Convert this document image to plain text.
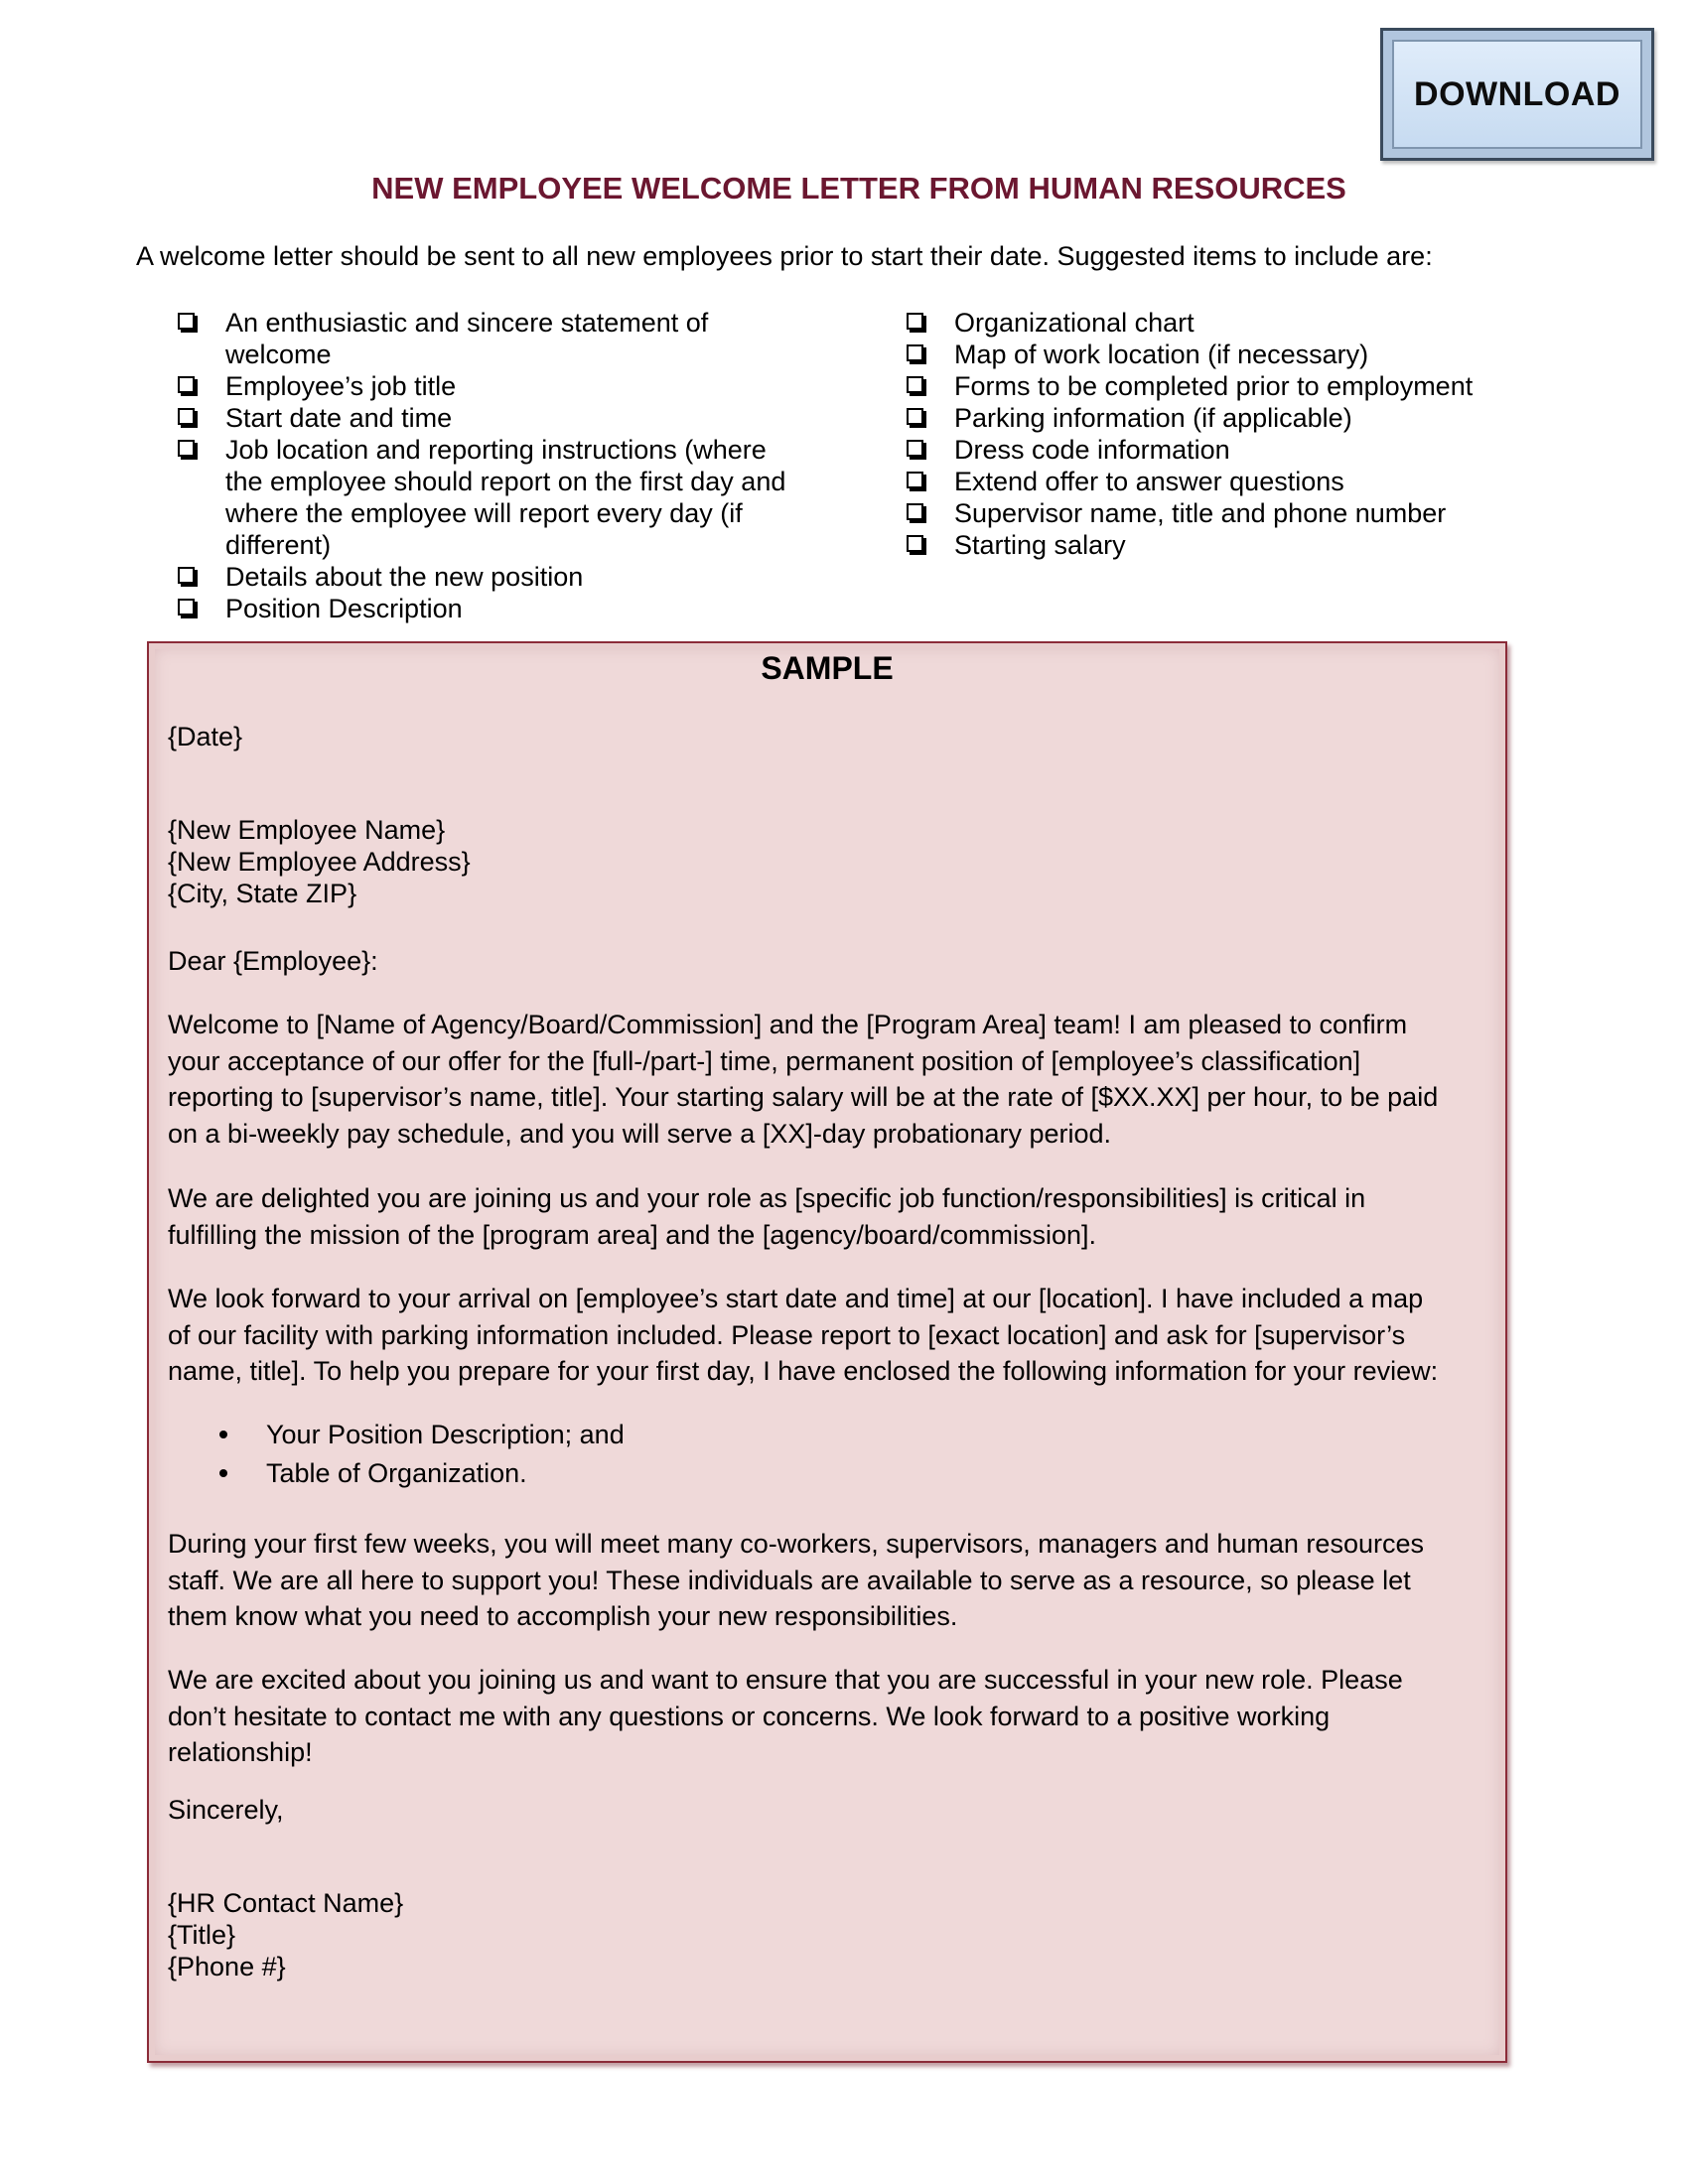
DOWNLOAD
NEW EMPLOYEE WELCOME LETTER FROM HUMAN RESOURCES

A welcome letter should be sent to all new employees prior to start their date. Suggested items to include are:

An enthusiastic and sincere statement of
welcome
Employee’s job title
Start date and time
Job location and reporting instructions (where
the employee should report on the first day and
where the employee will report every day (if
different)
Details about the new position
Position Description
Organizational chart
Map of work location (if necessary)
Forms to be completed prior to employment
Parking information (if applicable)
Dress code information
Extend offer to answer questions
Supervisor name, title and phone number
Starting salary
SAMPLE

{Date}

{New Employee Name}
{New Employee Address}
{City, State ZIP}

Dear {Employee}:

Welcome to [Name of Agency/Board/Commission] and the [Program Area] team! I am pleased to confirm
your acceptance of our offer for the [full-/part-] time, permanent position of [employee’s classification]
reporting to [supervisor’s name, title]. Your starting salary will be at the rate of [$XX.XX] per hour, to be paid
on a bi-weekly pay schedule, and you will serve a [XX]-day probationary period.

We are delighted you are joining us and your role as [specific job function/responsibilities] is critical in
fulfilling the mission of the [program area] and the [agency/board/commission].

We look forward to your arrival on [employee’s start date and time] at our [location]. I have included a map
of our facility with parking information included. Please report to [exact location] and ask for [supervisor’s
name, title]. To help you prepare for your first day, I have enclosed the following information for your review:

Your Position Description; and
Table of Organization.

During your first few weeks, you will meet many co-workers, supervisors, managers and human resources
staff. We are all here to support you! These individuals are available to serve as a resource, so please let
them know what you need to accomplish your new responsibilities.

We are excited about you joining us and want to ensure that you are successful in your new role. Please
don’t hesitate to contact me with any questions or concerns. We look forward to a positive working
relationship!

Sincerely,

{HR Contact Name}
{Title}
{Phone #}
